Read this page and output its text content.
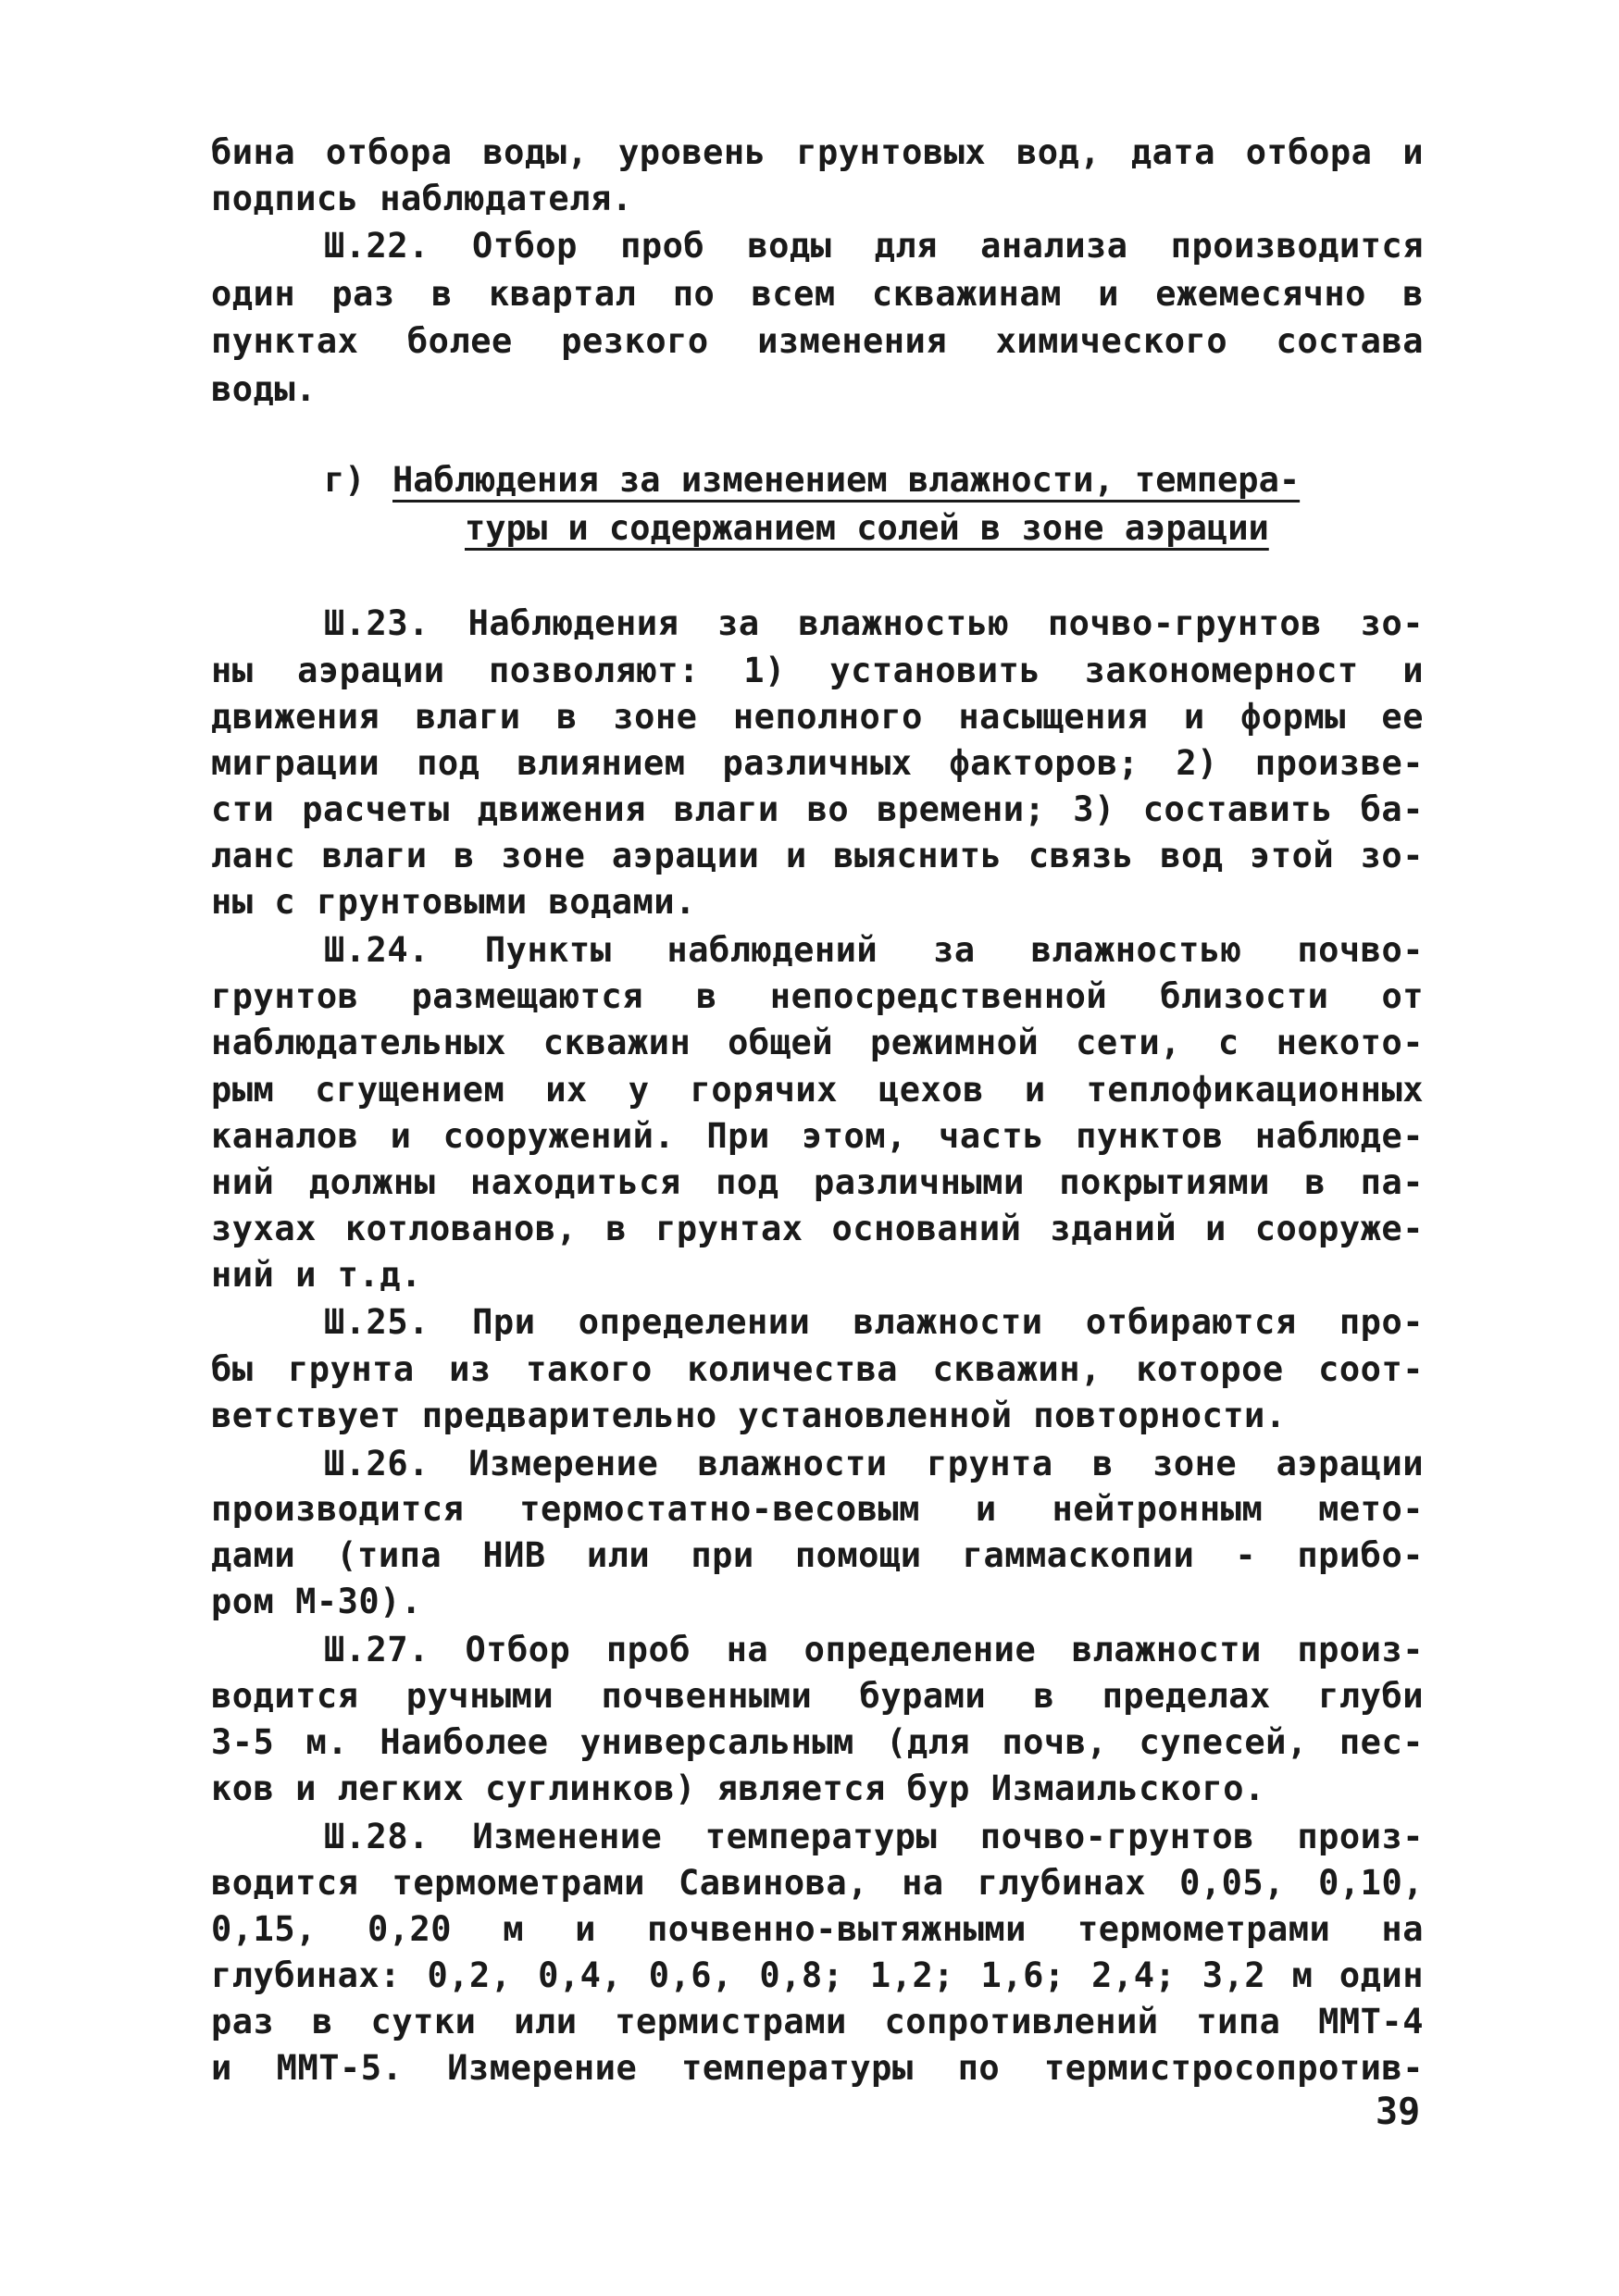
бина отбора воды, уровень грунтовых вод, дата отбора и
подпись наблюдателя.
Ш.22. Отбор проб воды для анализа производится
один раз в квартал по всем скважинам и ежемесячно в
пунктах более резкого изменения химического состава
воды.
г) Наблюдения за изменением влажности, темпера-
туры и содержанием солей в зоне аэрации
Ш.23. Наблюдения за влажностью почво-грунтов зо-
ны аэрации позволяют: 1) установить закономерност и
движения влаги в зоне неполного насыщения и формы ее
миграции под влиянием различных факторов; 2) произве-
сти расчеты движения влаги во времени; 3) составить ба-
ланс влаги в зоне аэрации и выяснить связь вод этой зо-
ны с грунтовыми водами.
Ш.24. Пункты наблюдений за влажностью почво-
грунтов размещаются в непосредственной близости от
наблюдательных скважин общей режимной сети, с некото-
рым сгущением их у горячих цехов и теплофикационных
каналов и сооружений. При этом, часть пунктов наблюде-
ний должны находиться под различными покрытиями в па-
зухах котлованов, в грунтах оснований зданий и сооруже-
ний и т.д.
Ш.25. При определении влажности отбираются про-
бы грунта из такого количества скважин, которое соот-
ветствует предварительно установленной повторности.
Ш.26. Измерение влажности грунта в зоне аэрации
производится термостатно-весовым и нейтронным мето-
дами (типа НИВ или при помощи гаммаскопии - прибо-
ром М-30).
Ш.27. Отбор проб на определение влажности произ-
водится ручными почвенными бурами в пределах глуби
3-5 м. Наиболее универсальным (для почв, супесей, пес-
ков и легких суглинков) является бур Измаильского.
Ш.28. Изменение температуры почво-грунтов произ-
водится термометрами Савинова, на глубинах 0,05, 0,10,
0,15, 0,20 м и почвенно-вытяжными термометрами на
глубинах: 0,2, 0,4, 0,6, 0,8; 1,2; 1,6; 2,4; 3,2 м один
раз в сутки или термистрами сопротивлений типа ММТ-4
и ММТ-5. Измерение температуры по термистросопротив-
39
